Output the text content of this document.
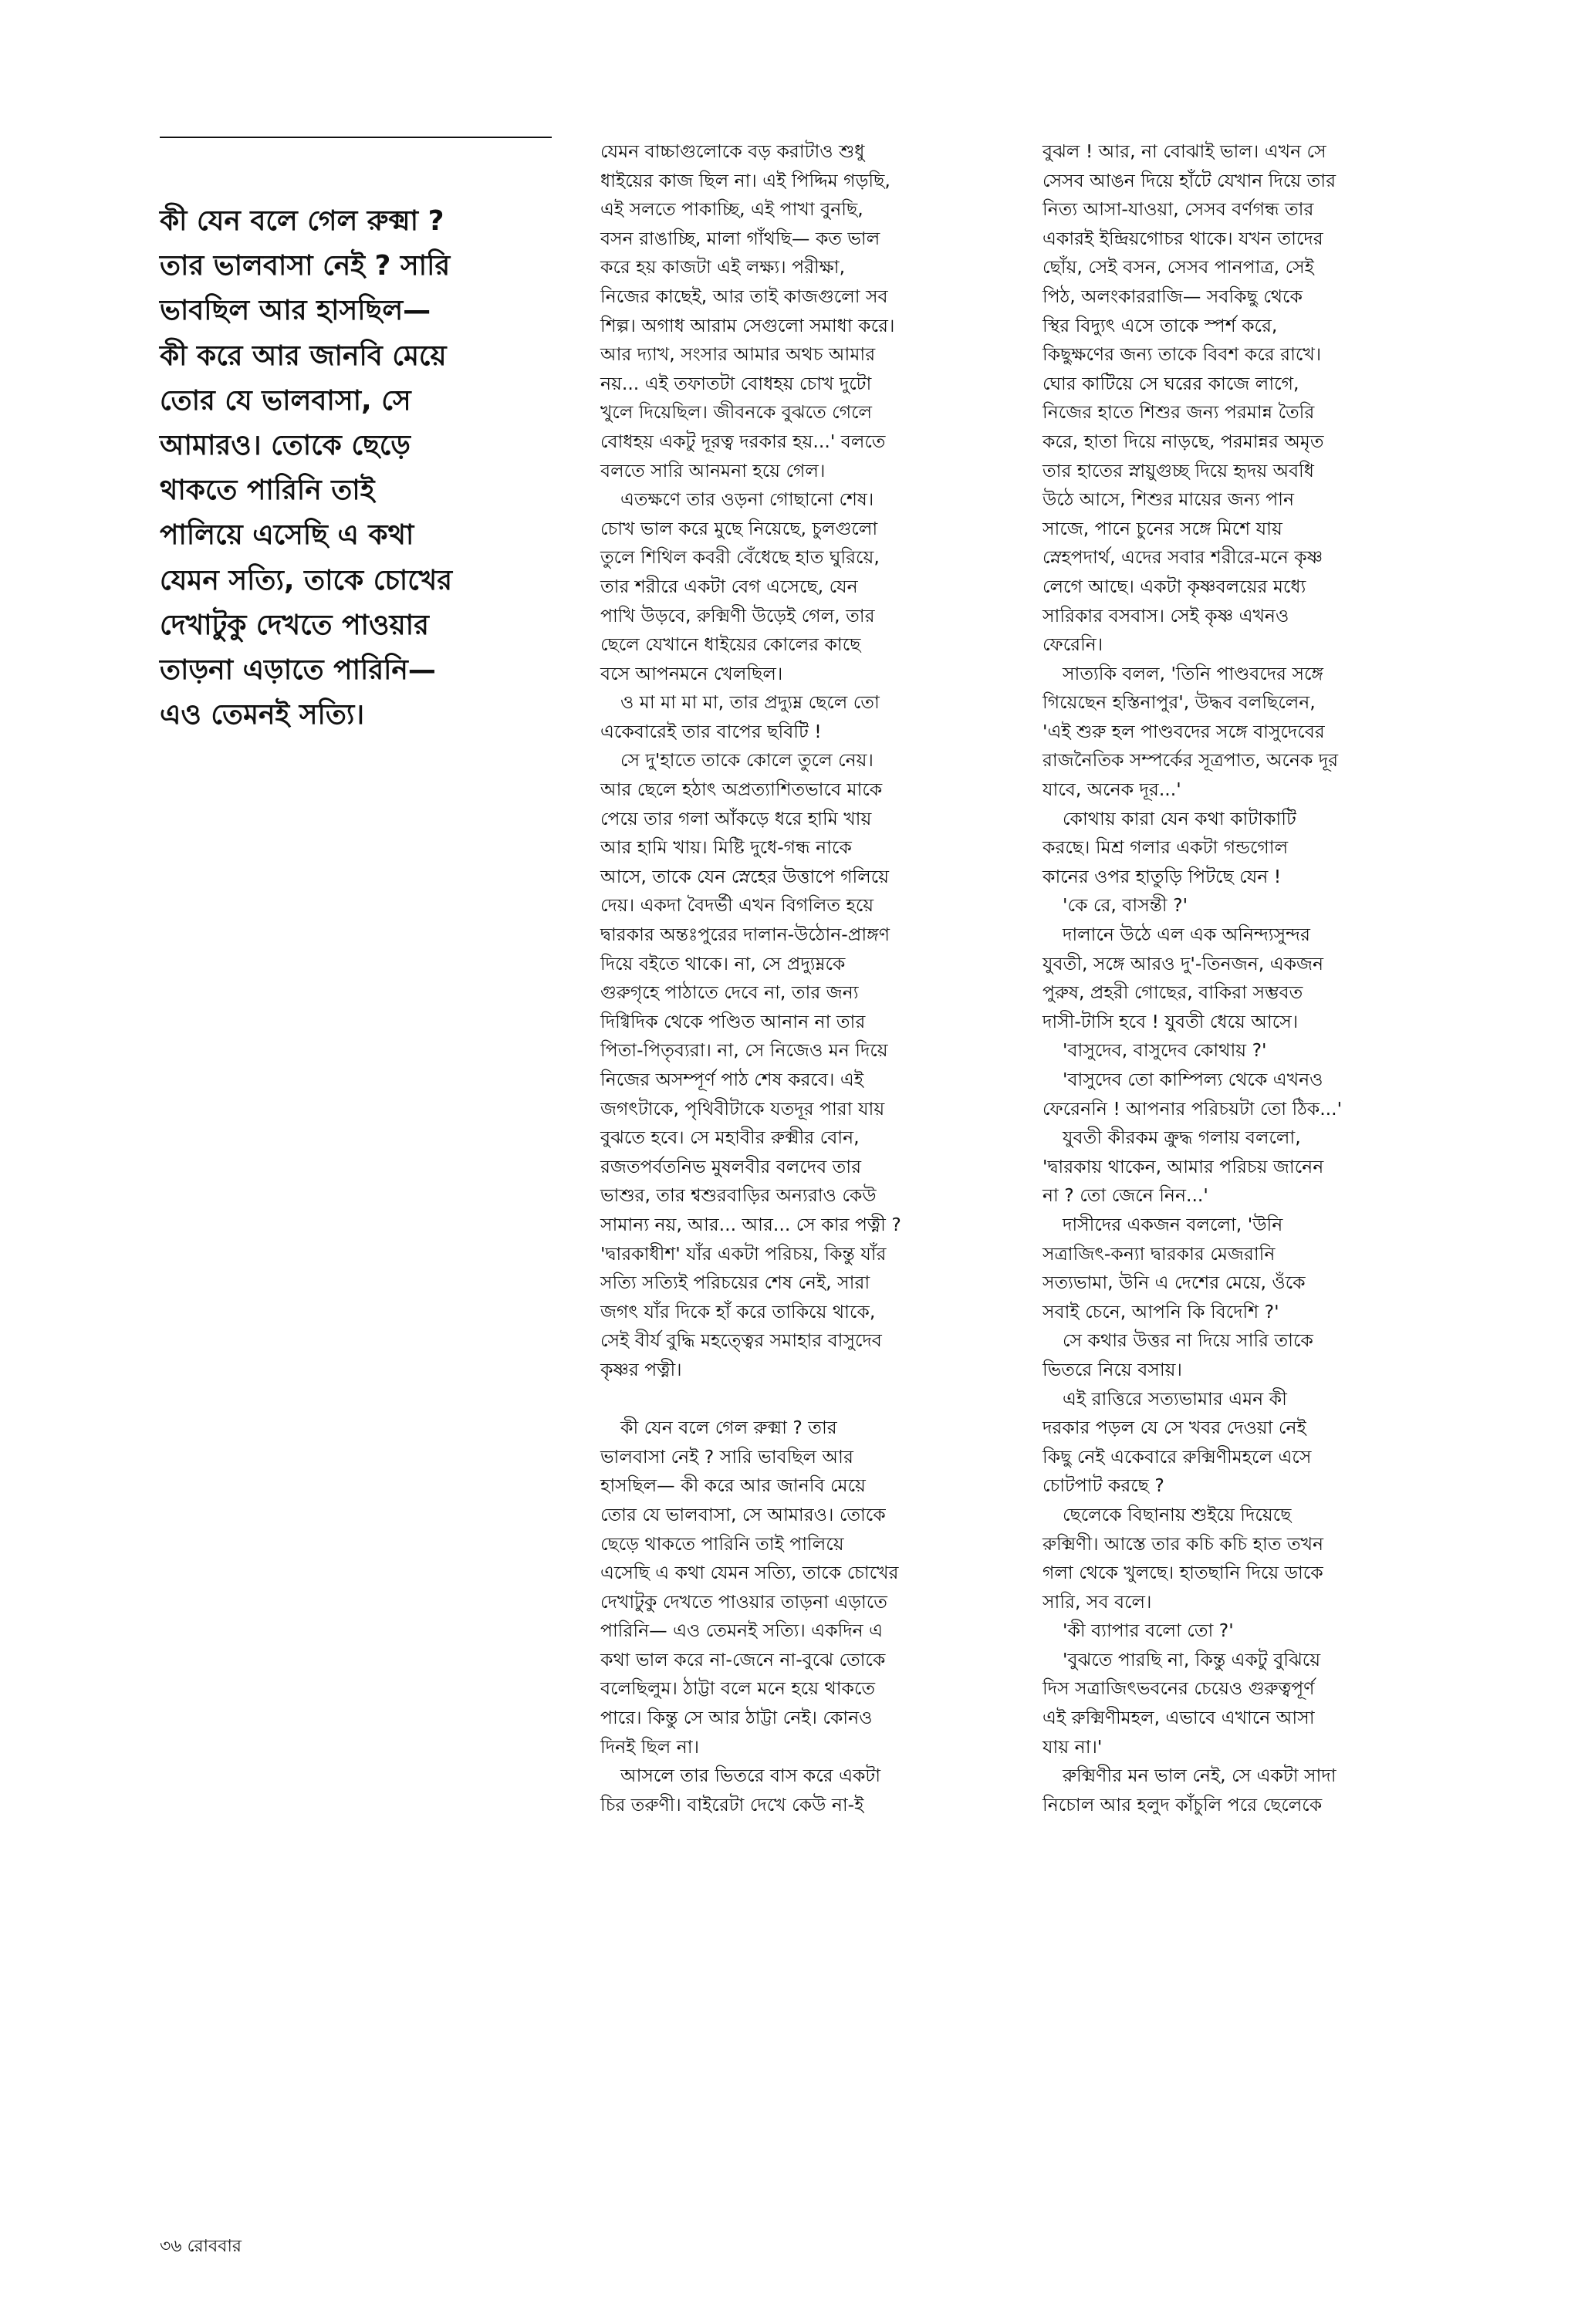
কী যেন বলে গেল রুক্মা ?
তার ভালবাসা নেই ? সারি
ভাবছিল আর হাসছিল—
কী করে আর জানবি মেয়ে
তোর যে ভালবাসা, সে
আমারও। তোকে ছেড়ে
থাকতে পারিনি তাই
পালিয়ে এসেছি এ কথা
যেমন সত্যি, তাকে চোখের
দেখাটুকু দেখতে পাওয়ার
তাড়না এড়াতে পারিনি—
এও তেমনই সত্যি।
যেমন বাচ্চাগুলোকে বড় করাটাও শুধু
ধাইয়ের কাজ ছিল না। এই পিদ্দিম গড়ছি,
এই সলতে পাকাচ্ছি, এই পাখা বুনছি,
বসন রাঙাচ্ছি, মালা গাঁথছি— কত ভাল
করে হয় কাজটা এই লক্ষ্য। পরীক্ষা,
নিজের কাছেই, আর তাই কাজগুলো সব
শিল্প। অগাধ আরাম সেগুলো সমাধা করে।
আর দ্যাখ, সংসার আমার অথচ আমার
নয়... এই তফাতটা বোধহয় চোখ দুটো
খুলে দিয়েছিল। জীবনকে বুঝতে গেলে
বোধহয় একটু দূরত্ব দরকার হয়...' বলতে
বলতে সারি আনমনা হয়ে গেল।
এতক্ষণে তার ওড়না গোছানো শেষ।
চোখ ভাল করে মুছে নিয়েছে, চুলগুলো
তুলে শিথিল কবরী বেঁধেছে হাত ঘুরিয়ে,
তার শরীরে একটা বেগ এসেছে, যেন
পাখি উড়বে, রুক্মিণী উড়েই গেল, তার
ছেলে যেখানে ধাইয়ের কোলের কাছে
বসে আপনমনে খেলছিল।
ও মা মা মা মা, তার প্রদ্যুম্ন ছেলে তো
একেবারেই তার বাপের ছবিটি !
সে দু'হাতে তাকে কোলে তুলে নেয়।
আর ছেলে হঠাৎ অপ্রত্যাশিতভাবে মাকে
পেয়ে তার গলা আঁকড়ে ধরে হামি খায়
আর হামি খায়। মিষ্টি দুধে-গন্ধ নাকে
আসে, তাকে যেন স্নেহের উত্তাপে গলিয়ে
দেয়। একদা বৈদর্ভী এখন বিগলিত হয়ে
দ্বারকার অন্তঃপুরের দালান-উঠোন-প্রাঙ্গণ
দিয়ে বইতে থাকে। না, সে প্রদ্যুম্নকে
গুরুগৃহে পাঠাতে দেবে না, তার জন্য
দিগ্বিদিক থেকে পণ্ডিত আনান না তার
পিতা-পিতৃব্যরা। না, সে নিজেও মন দিয়ে
নিজের অসম্পূর্ণ পাঠ শেষ করবে। এই
জগৎটাকে, পৃথিবীটাকে যতদূর পারা যায়
বুঝতে হবে। সে মহাবীর রুক্মীর বোন,
রজতপর্বতনিভ মুষলবীর বলদেব তার
ভাশুর, তার শ্বশুরবাড়ির অন্যরাও কেউ
সামান্য নয়, আর... আর... সে কার পত্নী ?
'দ্বারকাধীশ' যাঁর একটা পরিচয়, কিন্তু যাঁর
সত্যি সত্যিই পরিচয়ের শেষ নেই, সারা
জগৎ যাঁর দিকে হাঁ করে তাকিয়ে থাকে,
সেই বীর্য বুদ্ধি মহত্ত্বের সমাহার বাসুদেব
কৃষ্ণর পত্নী।
কী যেন বলে গেল রুক্মা ? তার
ভালবাসা নেই ? সারি ভাবছিল আর
হাসছিল— কী করে আর জানবি মেয়ে
তোর যে ভালবাসা, সে আমারও। তোকে
ছেড়ে থাকতে পারিনি তাই পালিয়ে
এসেছি এ কথা যেমন সত্যি, তাকে চোখের
দেখাটুকু দেখতে পাওয়ার তাড়না এড়াতে
পারিনি— এও তেমনই সত্যি। একদিন এ
কথা ভাল করে না-জেনে না-বুঝে তোকে
বলেছিলুম। ঠাট্টা বলে মনে হয়ে থাকতে
পারে। কিন্তু সে আর ঠাট্টা নেই। কোনও
দিনই ছিল না।
আসলে তার ভিতরে বাস করে একটা
চির তরুণী। বাইরেটা দেখে কেউ না-ই
বুঝল ! আর, না বোঝাই ভাল। এখন সে
সেসব আঙন দিয়ে হাঁটে যেখান দিয়ে তার
নিত্য আসা-যাওয়া, সেসব বর্ণগন্ধ তার
একারই ইন্দ্রিয়গোচর থাকে। যখন তাদের
ছোঁয়, সেই বসন, সেসব পানপাত্র, সেই
পিঠ, অলংকাররাজি— সবকিছু থেকে
স্থির বিদ্যুৎ এসে তাকে স্পর্শ করে,
কিছুক্ষণের জন্য তাকে বিবশ করে রাখে।
ঘোর কাটিয়ে সে ঘরের কাজে লাগে,
নিজের হাতে শিশুর জন্য পরমান্ন তৈরি
করে, হাতা দিয়ে নাড়ছে, পরমান্নর অমৃত
তার হাতের স্নায়ুগুচ্ছ দিয়ে হৃদয় অবধি
উঠে আসে, শিশুর মায়ের জন্য পান
সাজে, পানে চুনের সঙ্গে মিশে যায়
স্নেহপদার্থ, এদের সবার শরীরে-মনে কৃষ্ণ
লেগে আছে। একটা কৃষ্ণবলয়ের মধ্যে
সারিকার বসবাস। সেই কৃষ্ণ এখনও
ফেরেনি।
সাত্যকি বলল, 'তিনি পাণ্ডবদের সঙ্গে
গিয়েছেন হস্তিনাপুর', উদ্ধব বলছিলেন,
'এই শুরু হল পাণ্ডবদের সঙ্গে বাসুদেবের
রাজনৈতিক সম্পর্কের সূত্রপাত, অনেক দূর
যাবে, অনেক দূর...'
কোথায় কারা যেন কথা কাটাকাটি
করছে। মিশ্র গলার একটা গন্ডগোল
কানের ওপর হাতুড়ি পিটছে যেন !
'কে রে, বাসন্তী ?'
দালানে উঠে এল এক অনিন্দ্যসুন্দর
যুবতী, সঙ্গে আরও দু'-তিনজন, একজন
পুরুষ, প্রহরী গোছের, বাকিরা সম্ভবত
দাসী-টাসি হবে ! যুবতী ধেয়ে আসে।
'বাসুদেব, বাসুদেব কোথায় ?'
'বাসুদেব তো কাম্পিল্য থেকে এখনও
ফেরেননি ! আপনার পরিচয়টা তো ঠিক...'
যুবতী কীরকম ক্রুদ্ধ গলায় বললো,
'দ্বারকায় থাকেন, আমার পরিচয় জানেন
না ? তো জেনে নিন...'
দাসীদের একজন বললো, 'উনি
সত্রাজিৎ-কন্যা দ্বারকার মেজরানি
সত্যভামা, উনি এ দেশের মেয়ে, ওঁকে
সবাই চেনে, আপনি কি বিদেশি ?'
সে কথার উত্তর না দিয়ে সারি তাকে
ভিতরে নিয়ে বসায়।
এই রাত্তিরে সত্যভামার এমন কী
দরকার পড়ল যে সে খবর দেওয়া নেই
কিছু নেই একেবারে রুক্মিণীমহলে এসে
চোটপাট করছে ?
ছেলেকে বিছানায় শুইয়ে দিয়েছে
রুক্মিণী। আস্তে তার কচি কচি হাত তখন
গলা থেকে খুলছে। হাতছানি দিয়ে ডাকে
সারি, সব বলে।
'কী ব্যাপার বলো তো ?'
'বুঝতে পারছি না, কিন্তু একটু বুঝিয়ে
দিস সত্রাজিৎভবনের চেয়েও গুরুত্বপূর্ণ
এই রুক্মিণীমহল, এভাবে এখানে আসা
যায় না।'
রুক্মিণীর মন ভাল নেই, সে একটা সাদা
নিচোল আর হলুদ কাঁচুলি পরে ছেলেকে
৩৬ রোববার
